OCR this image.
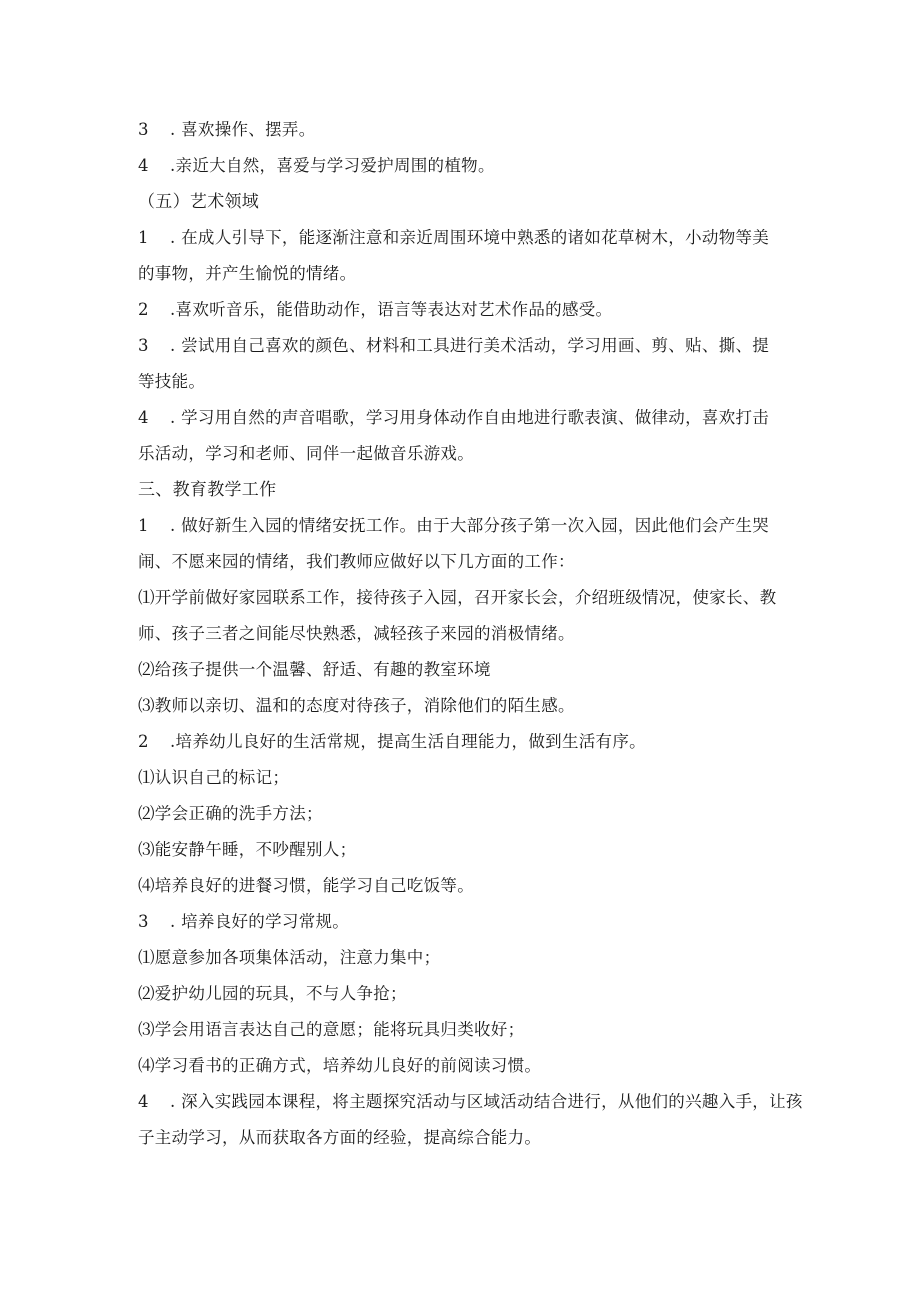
3 . 喜欢操作、摆弄。
4 .亲近大自然，喜爱与学习爱护周围的植物。
（五）艺术领域
1 . 在成人引导下，能逐渐注意和亲近周围环境中熟悉的诸如花草树木，小动物等美
的事物，并产生愉悦的情绪。
2 .喜欢听音乐，能借助动作，语言等表达对艺术作品的感受。
3 . 尝试用自己喜欢的颜色、材料和工具进行美术活动，学习用画、剪、贴、撕、提
等技能。
4 . 学习用自然的声音唱歌，学习用身体动作自由地进行歌表演、做律动，喜欢打击
乐活动，学习和老师、同伴一起做音乐游戏。
三、教育教学工作
1 . 做好新生入园的情绪安抚工作。由于大部分孩子第一次入园，因此他们会产生哭
闹、不愿来园的情绪，我们教师应做好以下几方面的工作：
⑴开学前做好家园联系工作，接待孩子入园，召开家长会，介绍班级情况，使家长、教
师、孩子三者之间能尽快熟悉，减轻孩子来园的消极情绪。
⑵给孩子提供一个温馨、舒适、有趣的教室环境
⑶教师以亲切、温和的态度对待孩子，消除他们的陌生感。
2 .培养幼儿良好的生活常规，提高生活自理能力，做到生活有序。
⑴认识自己的标记；
⑵学会正确的洗手方法；
⑶能安静午睡，不吵醒别人；
⑷培养良好的进餐习惯，能学习自己吃饭等。
3 . 培养良好的学习常规。
⑴愿意参加各项集体活动，注意力集中；
⑵爱护幼儿园的玩具，不与人争抢；
⑶学会用语言表达自己的意愿；能将玩具归类收好；
⑷学习看书的正确方式，培养幼儿良好的前阅读习惯。
4 . 深入实践园本课程，将主题探究活动与区域活动结合进行，从他们的兴趣入手，让孩
子主动学习，从而获取各方面的经验，提高综合能力。
